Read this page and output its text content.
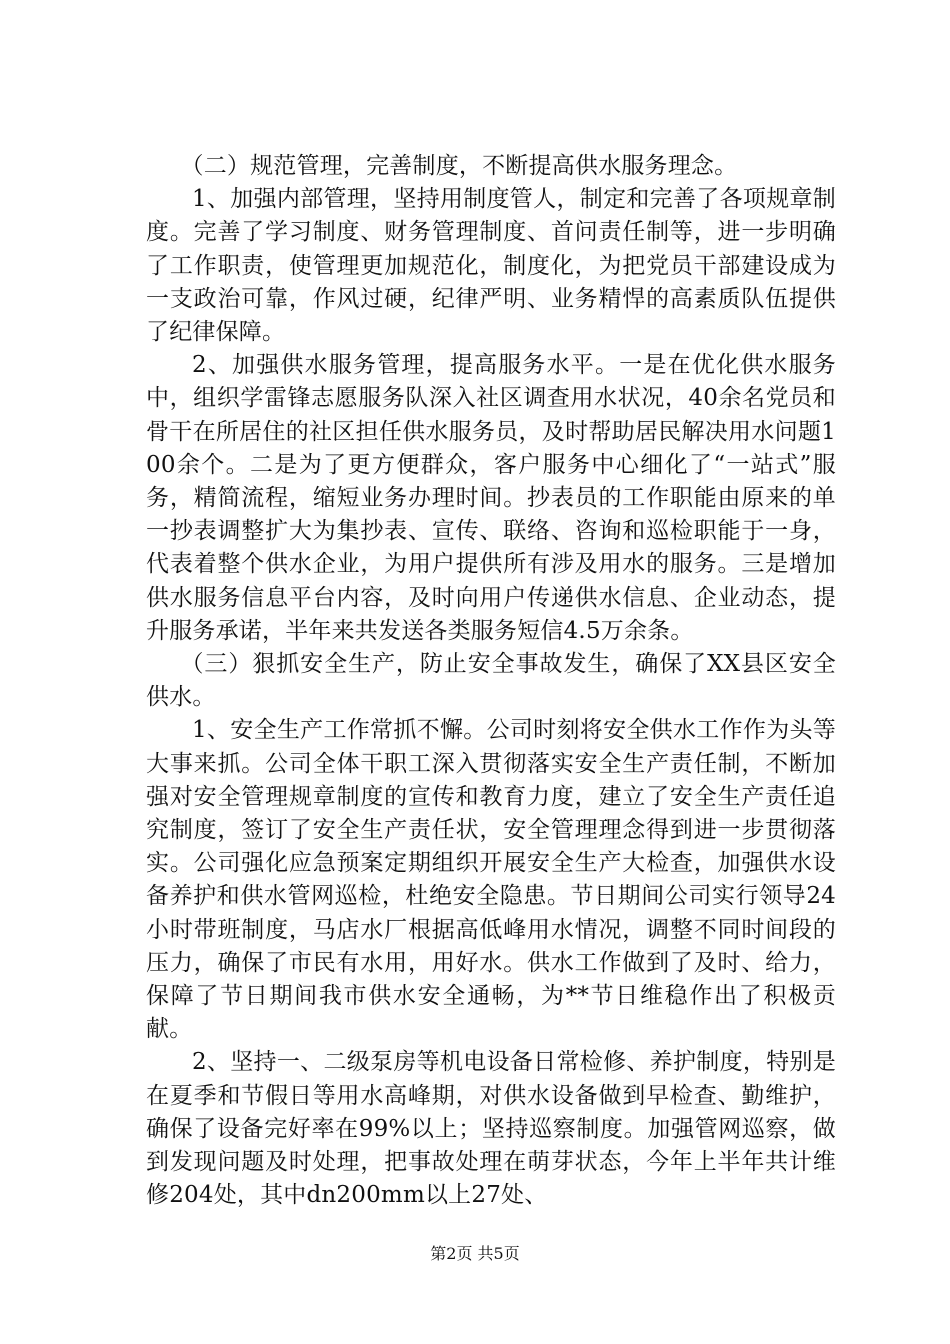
（二）规范管理，完善制度，不断提高供水服务理念。

1、加强内部管理，坚持用制度管人，制定和完善了各项规章制度。完善了学习制度、财务管理制度、首问责任制等，进一步明确了工作职责，使管理更加规范化，制度化，为把党员干部建设成为一支政治可靠，作风过硬，纪律严明、业务精悍的高素质队伍提供了纪律保障。

2、加强供水服务管理，提高服务水平。一是在优化供水服务中，组织学雷锋志愿服务队深入社区调查用水状况，40余名党员和骨干在所居住的社区担任供水服务员，及时帮助居民解决用水问题100余个。二是为了更方便群众，客户服务中心细化了“一站式”服务，精简流程，缩短业务办理时间。抄表员的工作职能由原来的单一抄表调整扩大为集抄表、宣传、联络、咨询和巡检职能于一身，代表着整个供水企业，为用户提供所有涉及用水的服务。三是增加供水服务信息平台内容，及时向用户传递供水信息、企业动态，提升服务承诺，半年来共发送各类服务短信4.5万余条。

（三）狠抓安全生产，防止安全事故发生，确保了XX县区安全供水。

1、安全生产工作常抓不懈。公司时刻将安全供水工作作为头等大事来抓。公司全体干职工深入贯彻落实安全生产责任制，不断加强对安全管理规章制度的宣传和教育力度，建立了安全生产责任追究制度，签订了安全生产责任状，安全管理理念得到进一步贯彻落实。公司强化应急预案定期组织开展安全生产大检查，加强供水设备养护和供水管网巡检，杜绝安全隐患。节日期间公司实行领导24小时带班制度，马店水厂根据高低峰用水情况，调整不同时间段的压力，确保了市民有水用，用好水。供水工作做到了及时、给力，保障了节日期间我市供水安全通畅，为**节日维稳作出了积极贡献。

2、坚持一、二级泵房等机电设备日常检修、养护制度，特别是在夏季和节假日等用水高峰期，对供水设备做到早检查、勤维护，确保了设备完好率在99%以上；坚持巡察制度。加强管网巡察，做到发现问题及时处理，把事故处理在萌芽状态，今年上半年共计维修204处，其中dn200mm以上27处、

第2页 共5页
